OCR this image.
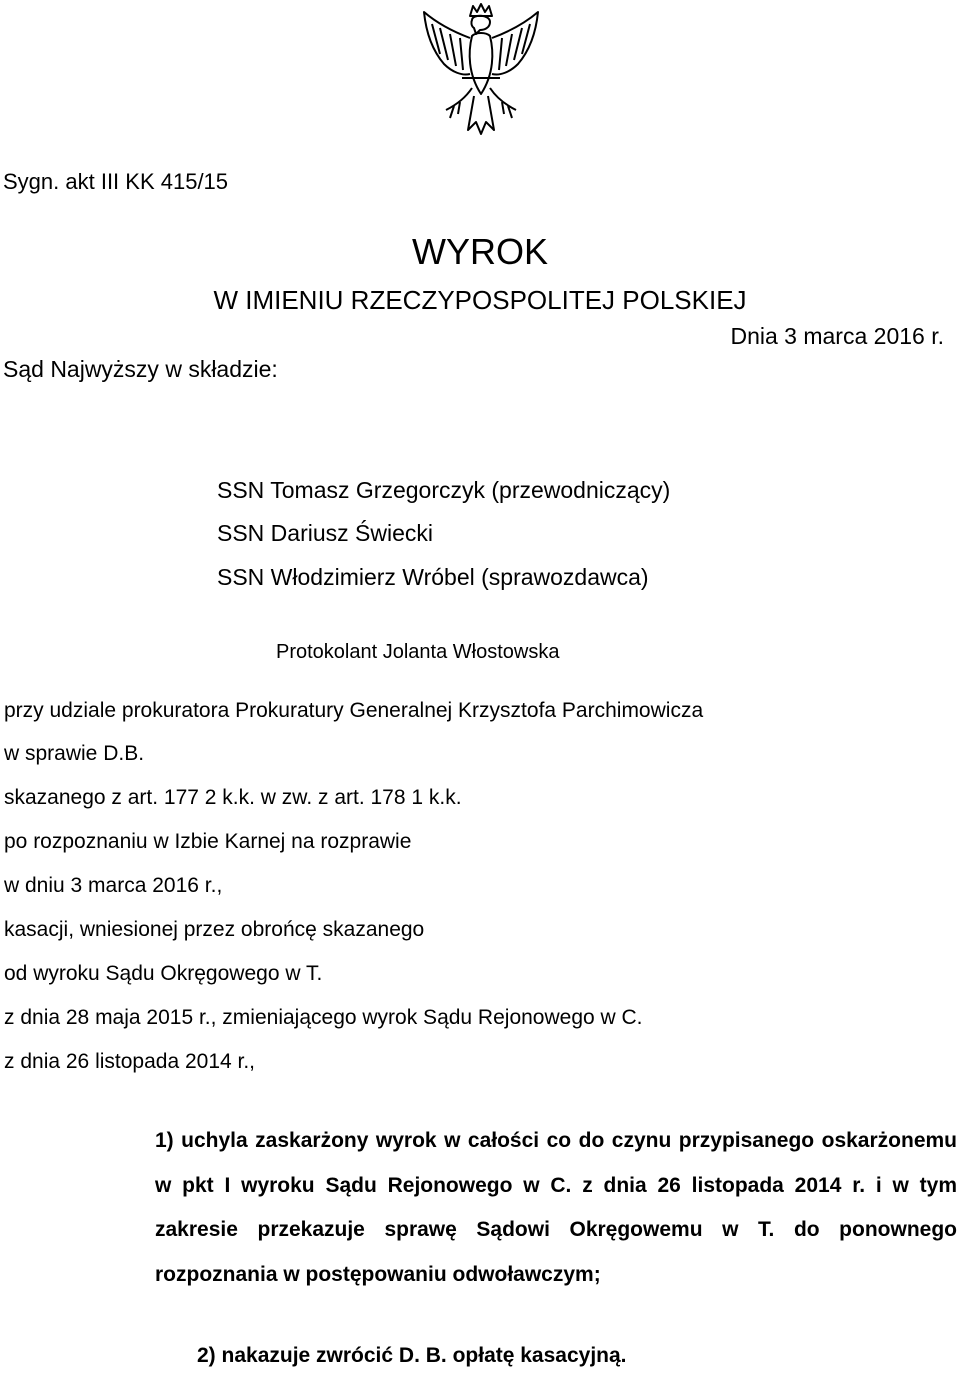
Sygn. akt III KK 415/15
WYROK
W IMIENIU RZECZYPOSPOLITEJ POLSKIEJ
Dnia 3 marca 2016 r.
Sąd Najwyższy w składzie:
SSN Tomasz Grzegorczyk (przewodniczący)
SSN Dariusz Świecki
SSN Włodzimierz Wróbel (sprawozdawca)
Protokolant Jolanta Włostowska
przy udziale prokuratora Prokuratury Generalnej Krzysztofa Parchimowicza
w sprawie D.B.
skazanego z art. 177 2 k.k. w zw. z art. 178 1 k.k.
po rozpoznaniu w Izbie Karnej na rozprawie
w dniu 3 marca 2016 r.,
kasacji, wniesionej przez obrońcę skazanego
od wyroku Sądu Okręgowego w T.
z dnia 28 maja 2015 r., zmieniającego wyrok Sądu Rejonowego w C.
z dnia 26 listopada 2014 r.,
1) uchyla zaskarżony wyrok w całości co do czynu przypisanego oskarżonemu w pkt I wyroku Sądu Rejonowego w C. z dnia 26 listopada 2014 r. i w tym zakresie przekazuje sprawę Sądowi Okręgowemu w T. do ponownego rozpoznania w postępowaniu odwoławczym;
2) nakazuje zwrócić D. B. opłatę kasacyjną.
